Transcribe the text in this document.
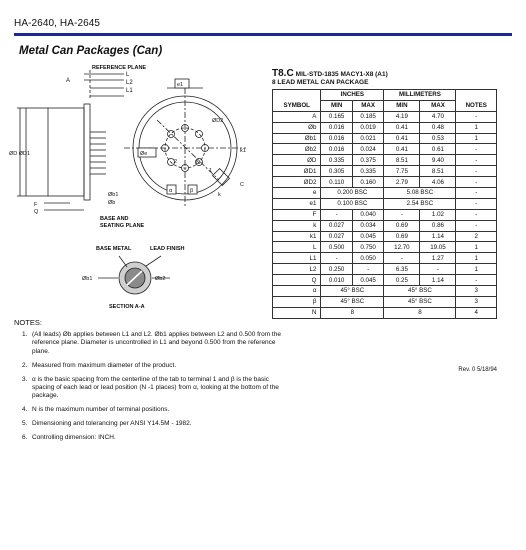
HA-2640, HA-2645
Metal Can Packages (Can)
REFERENCE PLANE
A
L
L2
L1
e1
ØD2
k1
ØD ØD1	Øe
2	N
α	β
1
k
C
F
Q
Øb1
Øb
BASE AND
SEATING PLANE
BASE METAL	LEAD FINISH
Øb1	Øb2
SECTION A-A
T8.C MIL-STD-1835 MACY1-X8 (A1)
8 LEAD METAL CAN PACKAGE
	INCHES		MILLIMETERS		
SYMBOL	MIN	MAX	MIN	MAX	NOTES
A	0.165	0.185	4.19	4.70	-
Øb	0.016	0.019	0.41	0.48	1
Øb1	0.016	0.021	0.41	0.53	1
Øb2	0.016	0.024	0.41	0.61	-
ØD	0.335	0.375	8.51	9.40	-
ØD1	0.305	0.335	7.75	8.51	-
ØD2	0.110	0.160	2.79	4.06	-
e	0.200 BSC		5.08 BSC		-
e1	0.100 BSC		2.54 BSC		-
F	-	0.040	-	1.02	-
k	0.027	0.034	0.69	0.86	-
k1	0.027	0.045	0.69	1.14	2
L	0.500	0.750	12.70	19.05	1
L1	-	0.050	-	1.27	1
L2	0.250	-	6.35	-	1
Q	0.010	0.045	0.25	1.14	-
α	45° BSC		45° BSC		3
β	45° BSC		45° BSC		3
N	8		8		4
Rev. 0 5/18/94
NOTES:
1. (All leads) Øb applies between L1 and L2. Øb1 applies between L2 and 0.500 from the reference plane. Diameter is uncontrolled in L1 and beyond 0.500 from the reference plane.
2. Measured from maximum diameter of the product.
3. α is the basic spacing from the centerline of the tab to terminal 1 and β is the basic spacing of each lead or lead position (N -1 places) from α, looking at the bottom of the package.
4. N is the maximum number of terminal positions.
5. Dimensioning and tolerancing per ANSI Y14.5M - 1982.
6. Controlling dimension: INCH.
